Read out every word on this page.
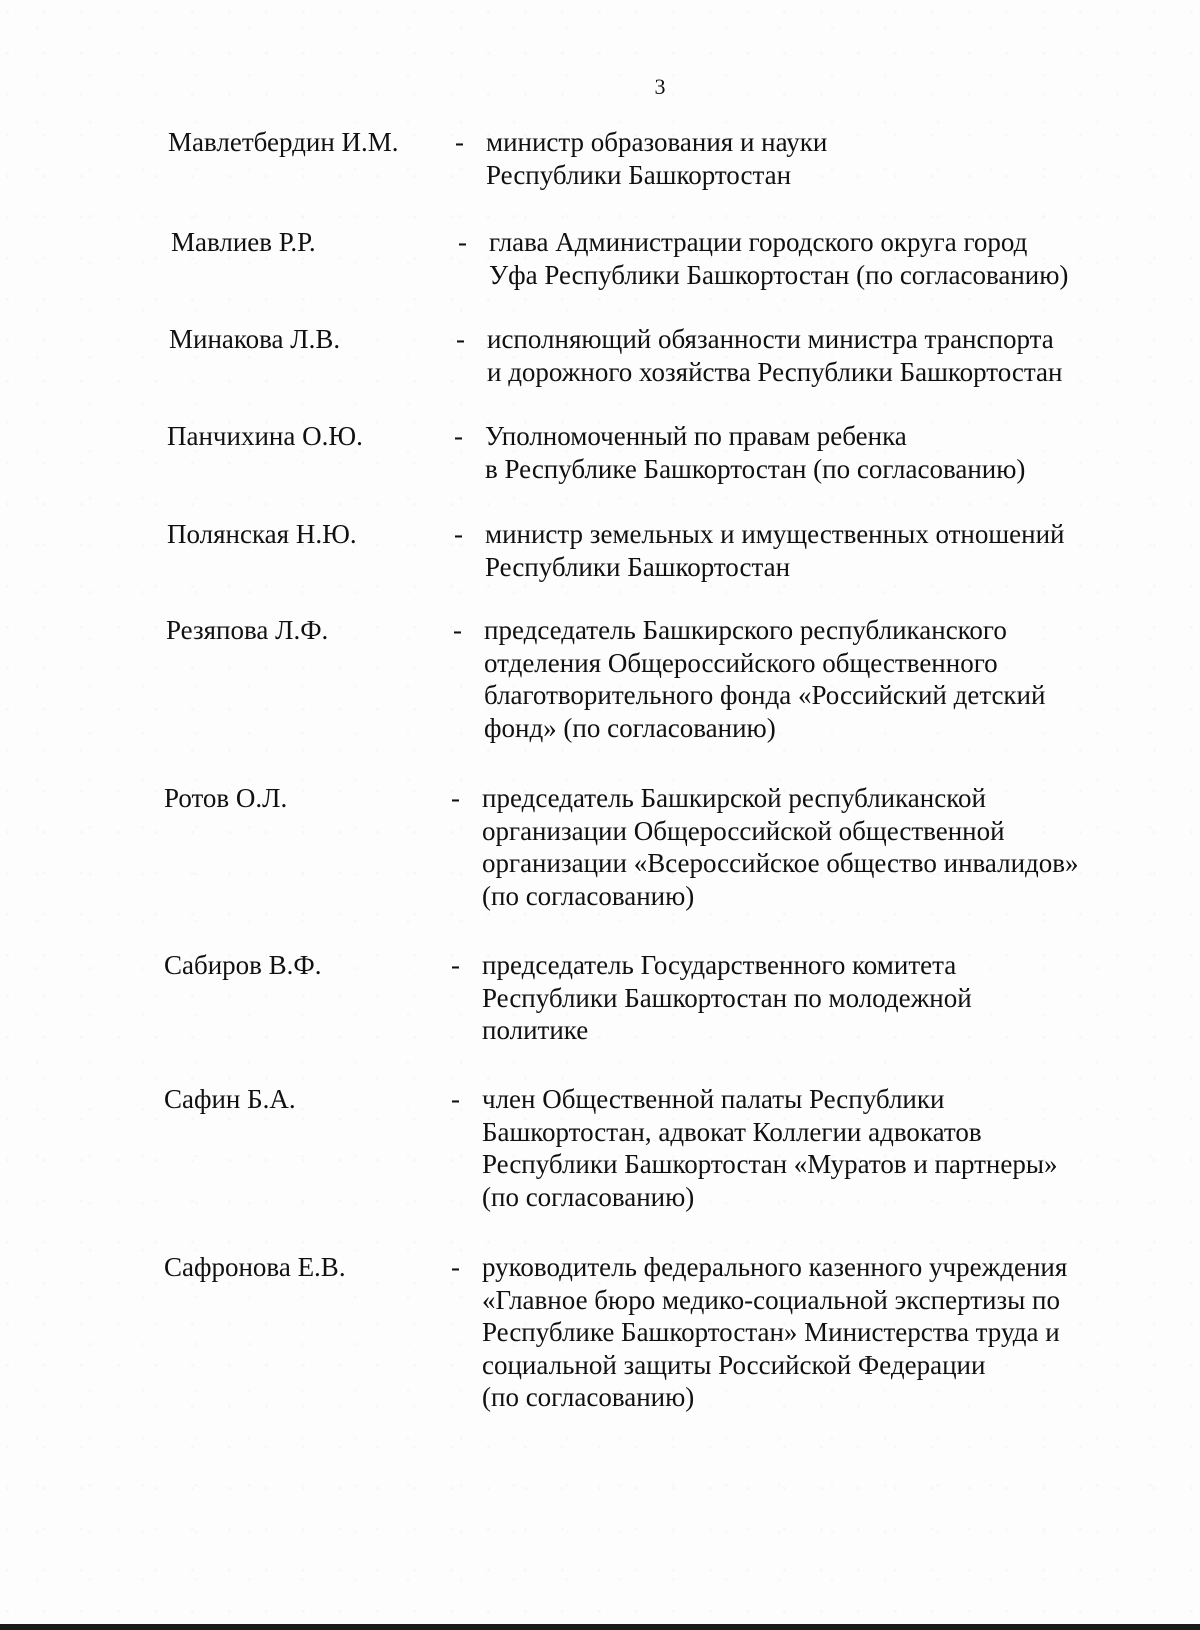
3
Мавлетбердин И.М. - министр образования и науки
Республики Башкортостан
Мавлиев Р.Р.	- глава Администрации городского округа город
Уфа Республики Башкортостан (по согласованию)
Минакова Л.В.	- исполняющий обязанности министра транспорта
и дорожного хозяйства Республики Башкортостан
Панчихина О.Ю.	- Уполномоченный по правам ребенка
в Республике Башкортостан (по согласованию)
Полянская Н.Ю.	- министр земельных и имущественных отношений
Республики Башкортостан
Резяпова Л.Ф.	- председатель Башкирского республиканского
отделения Общероссийского общественного
благотворительного фонда «Российский детский
фонд» (по согласованию)
Ротов О.Л.	- председатель Башкирской республиканской
организации Общероссийской общественной
организации «Всероссийское общество инвалидов»
(по согласованию)
Сабиров В.Ф.	- председатель Государственного комитета
Республики Башкортостан по молодежной
политике
Сафин Б.А.	- член Общественной палаты Республики
Башкортостан, адвокат Коллегии адвокатов
Республики Башкортостан «Муратов и партнеры»
(по согласованию)
Сафронова Е.В.	- руководитель федерального казенного учреждения
«Главное бюро медико-социальной экспертизы по
Республике Башкортостан» Министерства труда и
социальной защиты Российской Федерации
(по согласованию)
